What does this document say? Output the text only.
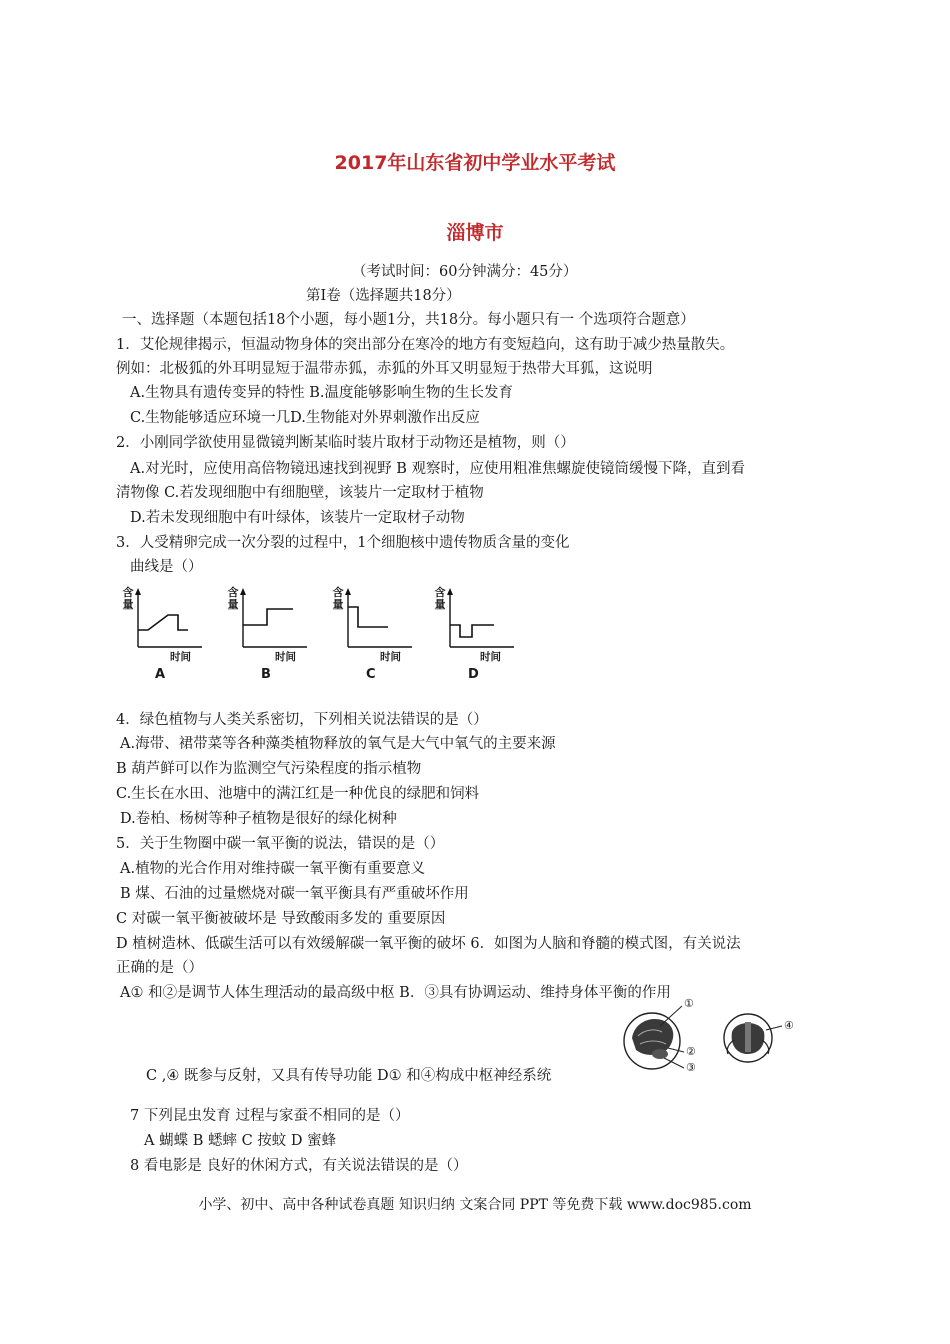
2017年山东省初中学业水平考试
淄博市
（考试时间：60分钟满分：45分）
第Ⅰ卷（选择题共18分）
一、选择题（本题包括18个小题，每小题1分，共18分。每小题只有一 个选项符合题意）
1．艾伦规律揭示，恒温动物身体的突出部分在寒冷的地方有变短趋向，这有助于减少热量散失。
例如：北极狐的外耳明显短于温带赤狐，赤狐的外耳又明显短于热带大耳狐，这说明
A.生物具有遗传变异的特性 B.温度能够影响生物的生长发育
C.生物能够适应环境一几D.生物能对外界刺激作出反应
2．小刚同学欲使用显微镜判断某临时装片取材于动物还是植物，则（）
A.对光时，应使用高倍物镜迅速找到视野 B 观察时，应使用粗准焦螺旋使镜筒缓慢下降，直到看
清物像 C.若发现细胞中有细胞壁，该装片一定取材于植物
D.若未发现细胞中有叶绿体，该装片一定取材子动物
3．人受精卵完成一次分裂的过程中，1个细胞核中遗传物质含量的变化
曲线是（）
含量
时间
A
含量
时间
B
含量
时间
C
含量
时间
D
4．绿色植物与人类关系密切，下列相关说法错误的是（）
A.海带、裙带菜等各种藻类植物释放的氧气是大气中氧气的主要来源
B 葫芦鲜可以作为监测空气污染程度的指示植物
C.生长在水田、池塘中的满江红是一种优良的绿肥和饲料
D.卷柏、杨树等种子植物是很好的绿化树种
5．关于生物圈中碳一氧平衡的说法，错误的是（）
A.植物的光合作用对维持碳一氧平衡有重要意义
B 煤、石油的过量燃烧对碳一氧平衡具有严重破坏作用
C 对碳一氧平衡被破坏是 导致酸雨多发的 重要原因
D 植树造林、低碳生活可以有效缓解碳一氧平衡的破坏 6．如图为人脑和脊髓的模式图，有关说法
正确的是（）
A① 和②是调节人体生理活动的最高级中枢 B．③具有协调运动、维持身体平衡的作用
①
②
③
④
C ,④ 既参与反射，又具有传导功能 D① 和④构成中枢神经系统
7 下列昆虫发育 过程与家蚕不相同的是（）
A 蝴蝶 B 蟋蟀 C 按蚊 D 蜜蜂
8 看电影是 良好的休闲方式，有关说法错误的是（）
小学、初中、高中各种试卷真题 知识归纳 文案合同 PPT 等免费下载 www.doc985.com
